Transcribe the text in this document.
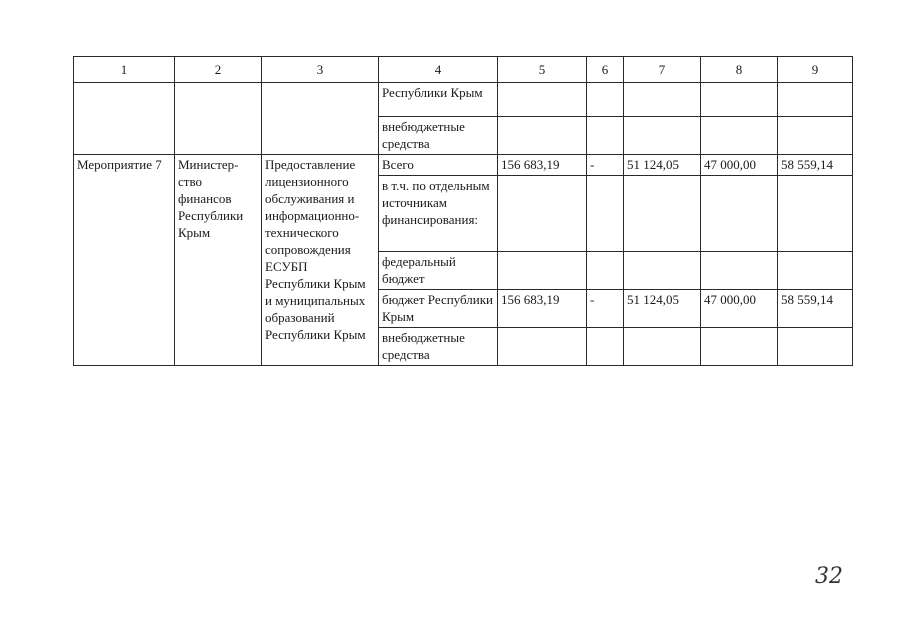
1	2	3	4	5	6	7	8	9
			Республики Крым					
			внебюджетные средства					
Мероприятие 7	Министер-ство финансов Республики Крым	Предоставление лицензионного обслуживания и информационно-технического сопровождения ЕСУБП Республики Крым и муниципальных образований Республики Крым	Всего	156 683,19	-	51 124,05	47 000,00	58 559,14
			в т.ч. по отдельным источникам финансирования:					
			федеральный бюджет					
			бюджет Республики Крым	156 683,19	-	51 124,05	47 000,00	58 559,14
			внебюджетные средства					
32
